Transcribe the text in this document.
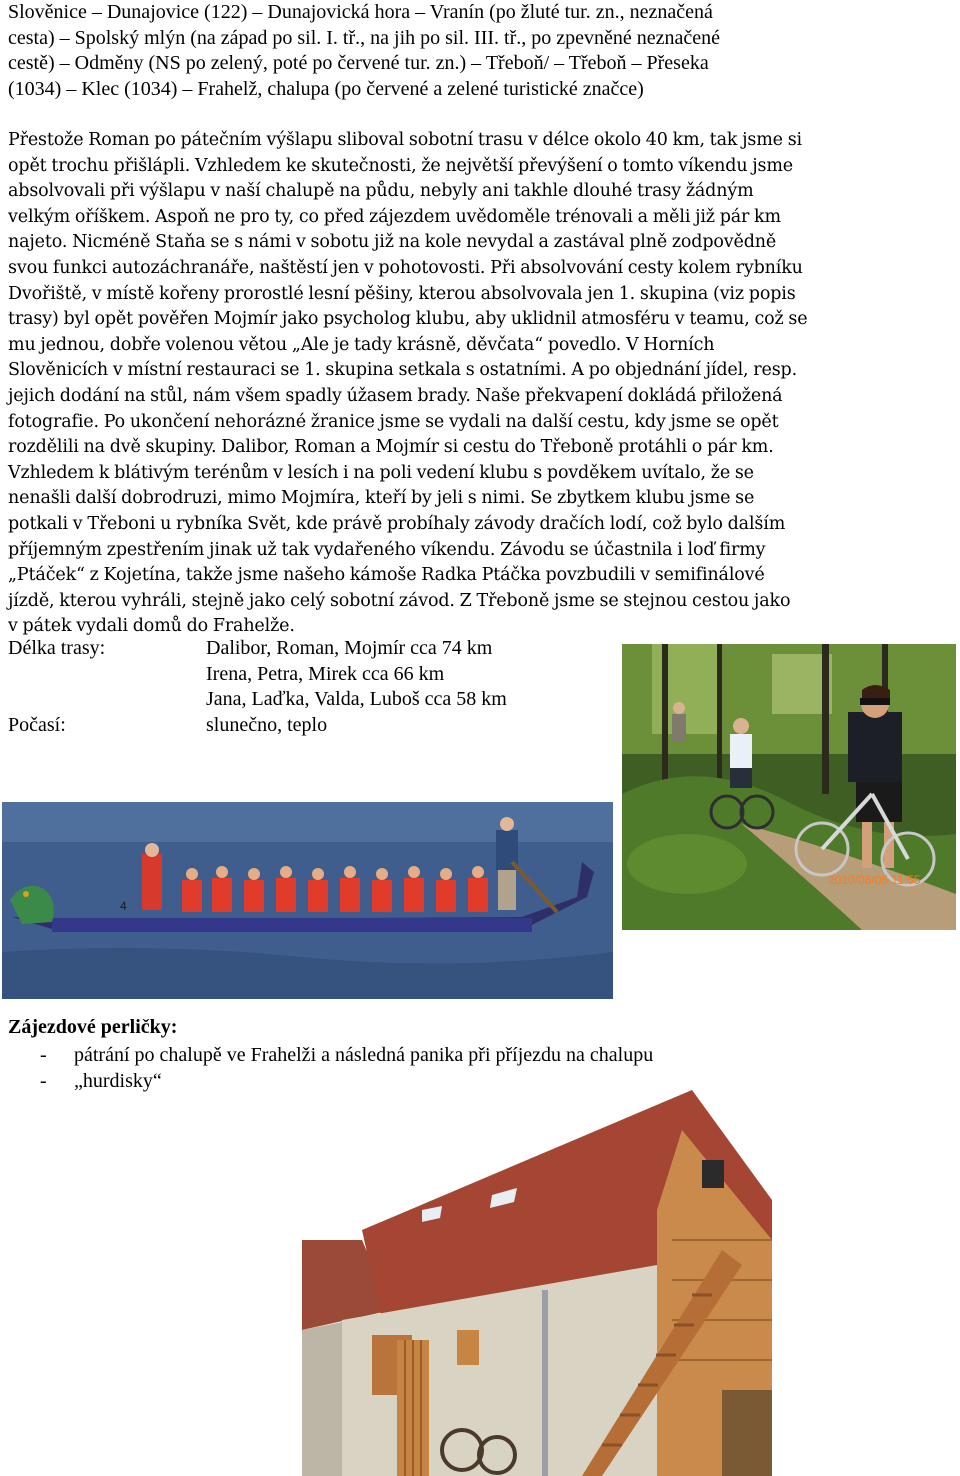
Slověnice – Dunajovice (122) – Dunajovická hora – Vranín (po žluté tur. zn., neznačená
cesta) – Spolský mlýn (na západ po sil. I. tř., na jih po sil. III. tř., po zpevněné neznačené
cestě) – Odměny (NS po zelený, poté po červené tur. zn.) – Třeboň/ – Třeboň – Přeseka
(1034) – Klec (1034) – Frahelž, chalupa (po červené a zelené turistické značce)

Přestože Roman po pátečním výšlapu sliboval sobotní trasu v délce okolo 40 km, tak jsme si

opět trochu přišlápli. Vzhledem ke skutečnosti, že největší převýšení o tomto víkendu jsme

absolvovali při výšlapu v naší chalupě na půdu, nebyly ani takhle dlouhé trasy žádným

velkým oříškem. Aspoň ne pro ty, co před zájezdem uvědoměle trénovali a měli již pár km

najeto. Nicméně Staňa se s námi v sobotu již na kole nevydal a zastával plně zodpovědně

svou funkci autozáchranáře, naštěstí jen v pohotovosti. Při absolvování cesty kolem rybníku

Dvořiště, v místě kořeny prorostlé lesní pěšiny, kterou absolvovala jen 1. skupina (viz popis

trasy) byl opět pověřen Mojmír jako psycholog klubu, aby uklidnil atmosféru v teamu, což se

mu jednou, dobře volenou větou „Ale je tady krásně, děvčata“ povedlo. V Horních

Slověnicích v místní restauraci se 1. skupina setkala s ostatními. A po objednání jídel, resp.

jejich dodání na stůl, nám všem spadly úžasem brady. Naše překvapení dokládá přiložená

fotografie. Po ukončení nehorázné žranice jsme se vydali na další cestu, kdy jsme se opět

rozdělili na dvě skupiny. Dalibor, Roman a Mojmír si cestu do Třeboně protáhli o pár km.

Vzhledem k blátivým terénům v lesích i na poli vedení klubu s povděkem uvítalo, že se

nenašli další dobrodruzi, mimo Mojmíra, kteří by jeli s nimi. Se zbytkem klubu jsme se

potkali v Třeboni u rybníka Svět, kde právě probíhaly závody dračích lodí, což bylo dalším

příjemným zpestřením jinak už tak vydařeného víkendu. Závodu se účastnila i loď firmy

„Ptáček“ z Kojetína, takže jsme našeho kámoše Radka Ptáčka povzbudili v semifinálové

jízdě, kterou vyhráli, stejně jako celý sobotní závod. Z Třeboně jsme se stejnou cestou jako

v pátek vydali domů do Frahelže.

Délka trasy:	Dalibor, Roman, Mojmír cca 74 km
Irena, Petra, Mirek cca 66 km
Jana, Laďka, Valda, Luboš cca 58 km
Počasí:	slunečno, teplo
2010/06/05 11:55
4
Zájezdové perličky:
- pátrání po chalupě ve Frahelži a následná panika při příjezdu na chalupu
- „hurdisky“
